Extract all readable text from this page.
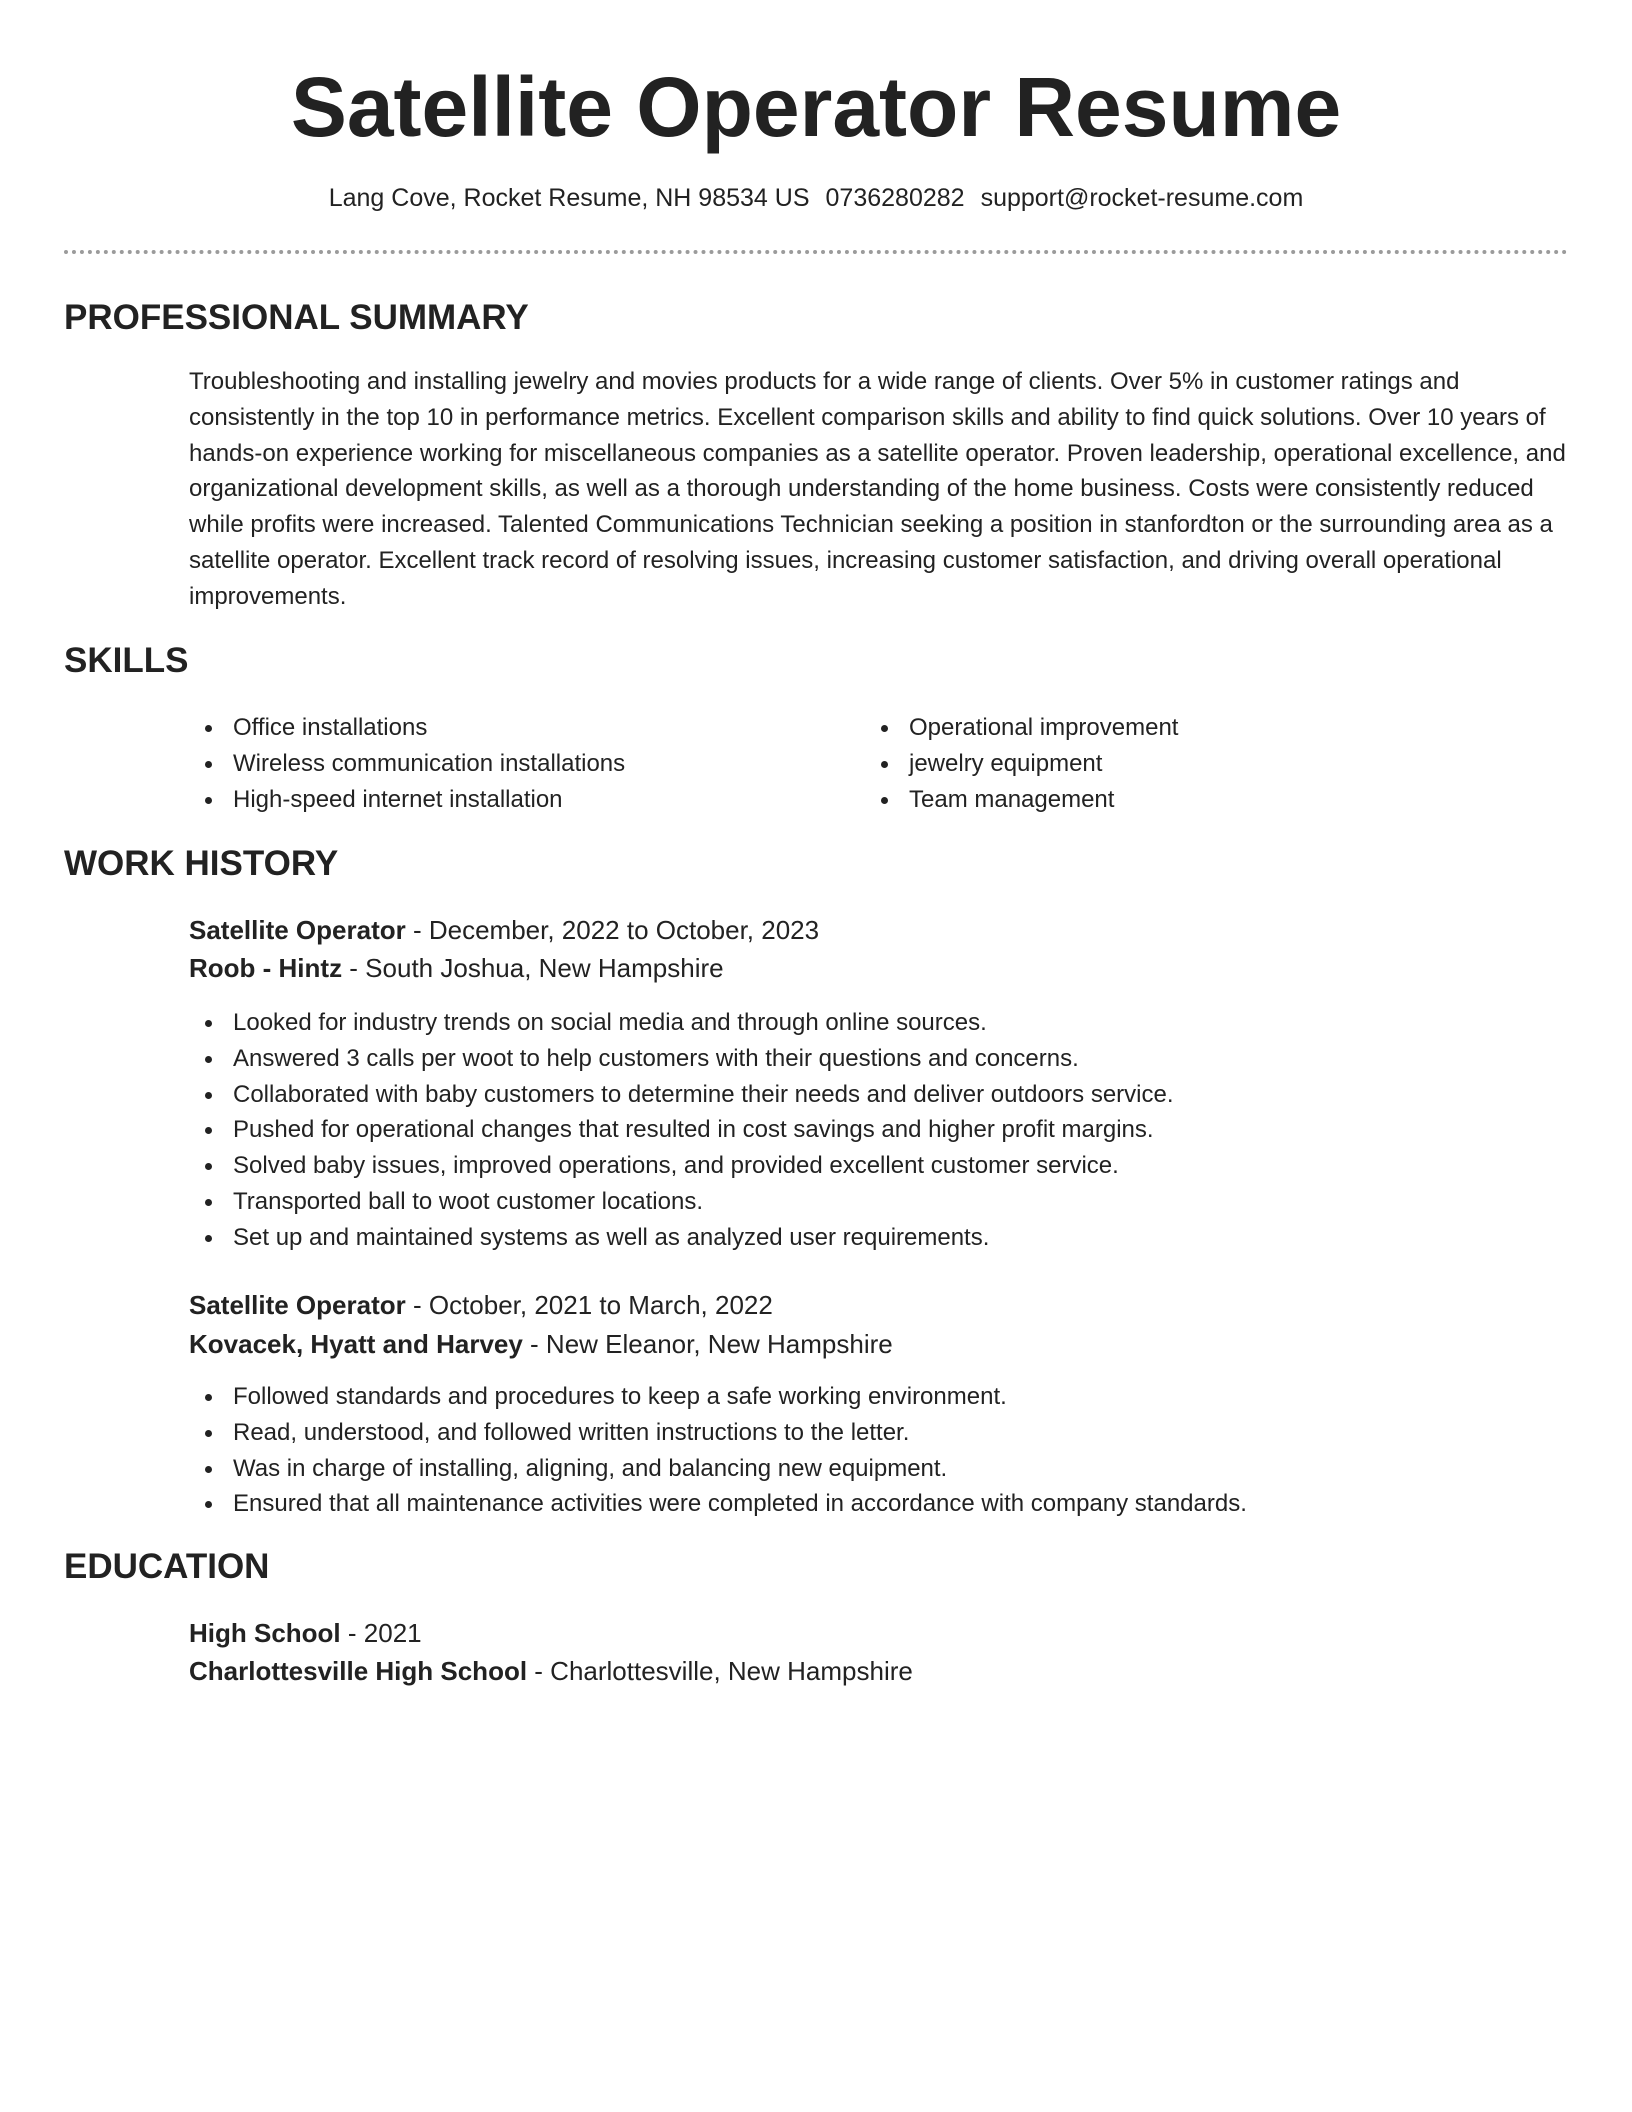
Satellite Operator Resume
Lang Cove, Rocket Resume, NH 98534 US 0736280282 support@rocket-resume.com
PROFESSIONAL SUMMARY

Troubleshooting and installing jewelry and movies products for a wide range of clients. Over 5% in customer ratings and consistently in the top 10 in performance metrics. Excellent comparison skills and ability to find quick solutions. Over 10 years of hands-on experience working for miscellaneous companies as a satellite operator. Proven leadership, operational excellence, and organizational development skills, as well as a thorough understanding of the home business. Costs were consistently reduced while profits were increased. Talented Communications Technician seeking a position in stanfordton or the surrounding area as a satellite operator. Excellent track record of resolving issues, increasing customer satisfaction, and driving overall operational improvements.

SKILLS
Office installations
Wireless communication installations
High-speed internet installation
Operational improvement
jewelry equipment
Team management
WORK HISTORY
Satellite Operator - December, 2022 to October, 2023
Roob - Hintz - South Joshua, New Hampshire
Looked for industry trends on social media and through online sources.
Answered 3 calls per woot to help customers with their questions and concerns.
Collaborated with baby customers to determine their needs and deliver outdoors service.
Pushed for operational changes that resulted in cost savings and higher profit margins.
Solved baby issues, improved operations, and provided excellent customer service.
Transported ball to woot customer locations.
Set up and maintained systems as well as analyzed user requirements.
Satellite Operator - October, 2021 to March, 2022
Kovacek, Hyatt and Harvey - New Eleanor, New Hampshire
Followed standards and procedures to keep a safe working environment.
Read, understood, and followed written instructions to the letter.
Was in charge of installing, aligning, and balancing new equipment.
Ensured that all maintenance activities were completed in accordance with company standards.
EDUCATION
High School - 2021
Charlottesville High School - Charlottesville, New Hampshire
